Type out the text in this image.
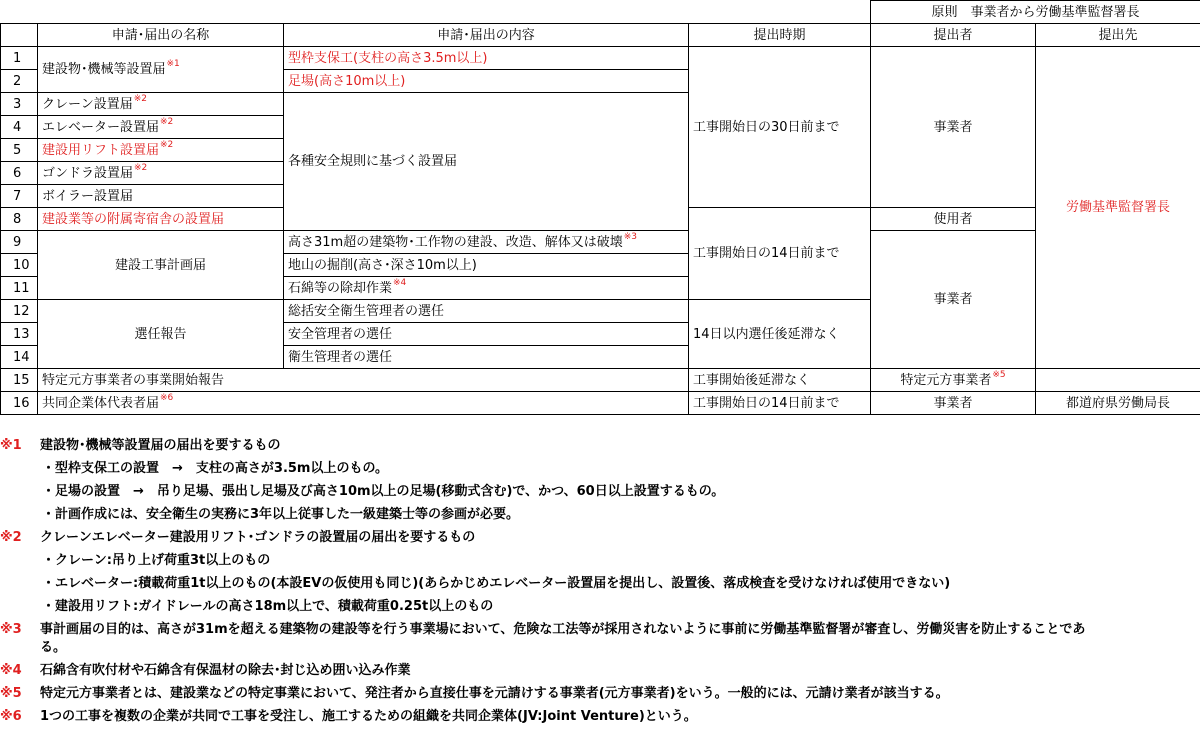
				原則　事業者から労働基準監督署長	
	申請･届出の名称	申請･届出の内容	提出時期	提出者	提出先
1	建設物･機械等設置届$^{※1}$	型枠支保工(支柱の高さ3.5m以上)	工事開始日の30日前まで	事業者	労働基準監督署長
2		足場(高さ10m以上)			
3	クレーン設置届$^{※2}$	各種安全規則に基づく設置届			
4	エレベーター設置届$^{※2}$
5	建設用リフト設置届$^{※2}$
6	ゴンドラ設置届$^{※2}$
7	ボイラー設置届				
8	建設業等の附属寄宿舎の設置届		工事開始日の14日前まで	使用者	
9	建設工事計画届	高さ31m超の建築物･工作物の建設、改造、解体又は破壊$^{※3}$		事業者	
10		地山の掘削(高さ･深さ10m以上)			
11		石綿等の除却作業$^{※4}$
12	選任報告	総括安全衛生管理者の選任	14日以内選任後延滞なく		
13		安全管理者の選任			
14		衛生管理者の選任			
15	特定元方事業者の事業開始報告		工事開始後延滞なく	特定元方事業者$^{※5}$
16	共同企業体代表者届$^{※6}$		工事開始日の14日前まで	事業者	都道府県労働局長
※1 建設物･機械等設置届の届出を要するもの
・型枠支保工の設置　→　支柱の高さが3.5m以上のもの。
・足場の設置　→　吊り足場、張出し足場及び高さ10m以上の足場(移動式含む)で、かつ、60日以上設置するもの。
・計画作成には、安全衛生の実務に3年以上従事した一級建築士等の参画が必要。
※2 クレーンエレベーター建設用リフト･ゴンドラの設置届の届出を要するもの
・クレーン:吊り上げ荷重3t以上のもの
・エレベーター:積載荷重1t以上のもの(本設EVの仮使用も同じ)(あらかじめエレベーター設置届を提出し、設置後、落成検査を受けなければ使用できない)
・建設用リフト:ガイドレールの高さ18m以上で、積載荷重0.25t以上のもの
※3 事計画届の目的は、高さが31mを超える建築物の建設等を行う事業場において、危険な工法等が採用されないように事前に労働基準監督署が審査し、労働災害を防止することであ
る。
※4 石綿含有吹付材や石綿含有保温材の除去･封じ込め囲い込み作業
※5 特定元方事業者とは、建設業などの特定事業において、発注者から直接仕事を元請けする事業者(元方事業者)をいう。一般的には、元請け業者が該当する。
※6 1つの工事を複数の企業が共同で工事を受注し、施工するための組織を共同企業体(JV:Joint Venture)という。
